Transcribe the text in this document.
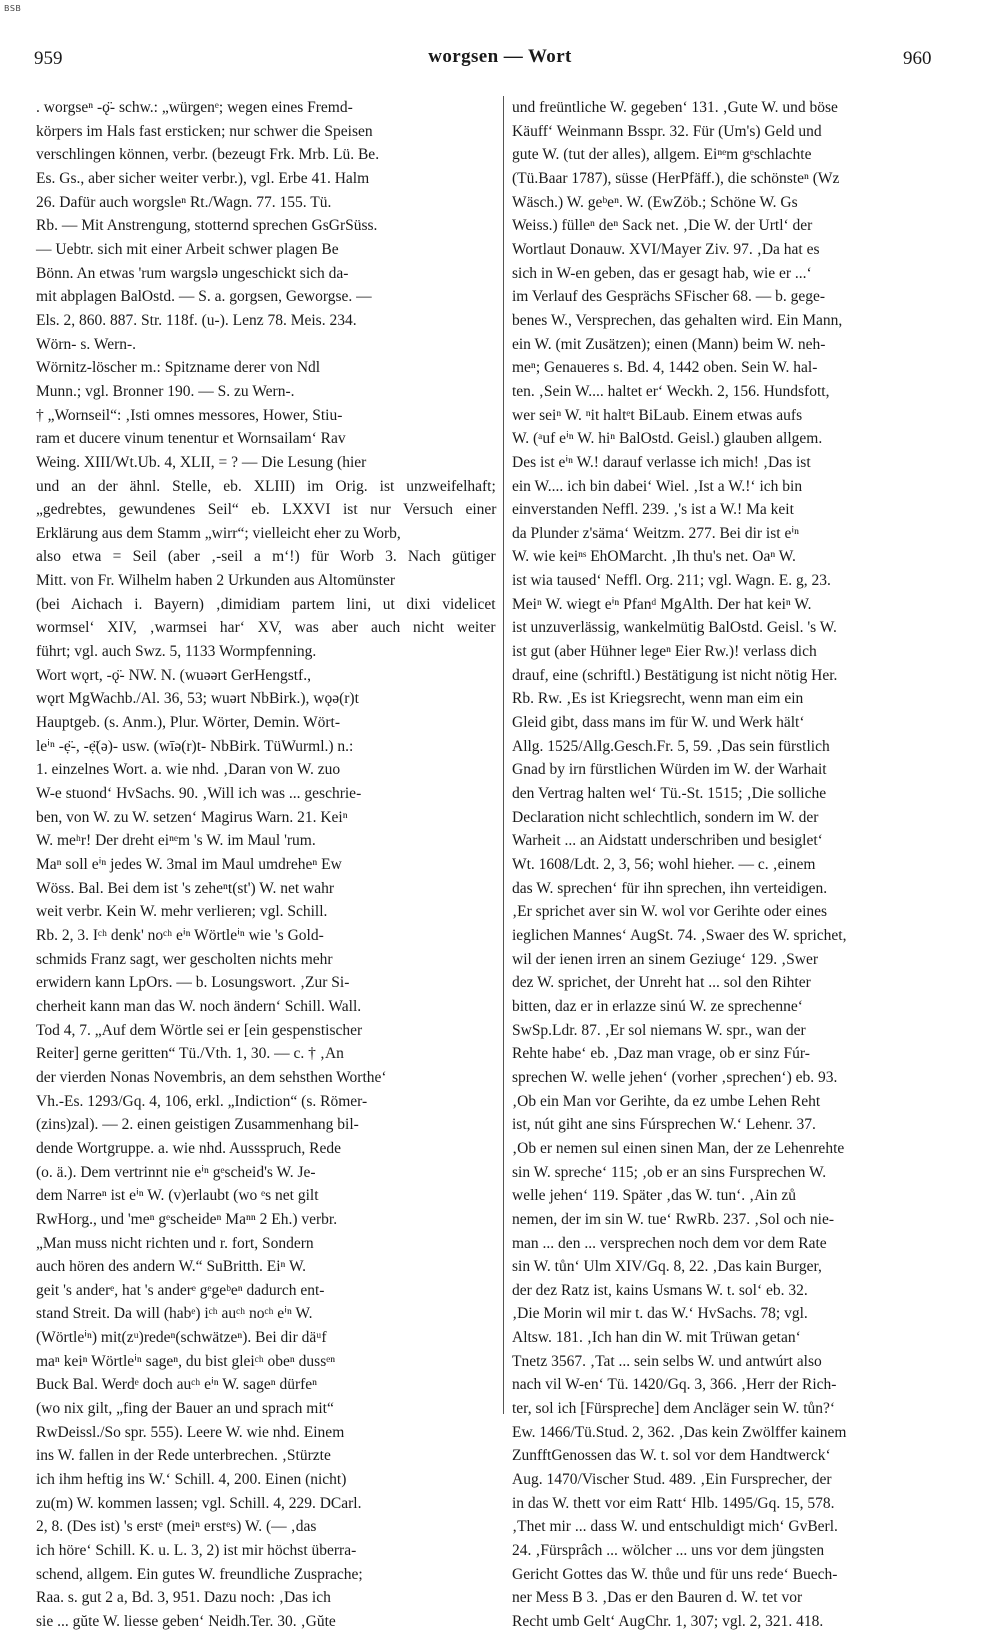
BSB
959	worgsen — Wort	960

. worgseⁿ -ǫ̈- schw.: „würgenᵉ; wegen eines Fremd-

körpers im Hals fast ersticken; nur schwer die Speisen

verschlingen können, verbr. (bezeugt Frk. Mrb. Lü. Be.

Es. Gs., aber sicher weiter verbr.), vgl. Erbe 41. Halm

26. Dafür auch worgsleⁿ Rt./Wagn. 77. 155. Tü.

Rb. — Mit Anstrengung, stotternd sprechen GsGrSüss.

— Uebtr. sich mit einer Arbeit schwer plagen Be

Bönn. An etwas 'rum wargslə ungeschickt sich da-

mit abplagen BalOstd. — S. a. gorgsen, Geworgse. —

Els. 2, 860. 887. Str. 118f. (u-). Lenz 78. Meis. 234.

Wörn- s. Wern-.

Wörnitz-löscher m.: Spitzname derer von Ndl

Munn.; vgl. Bronner 190. — S. zu Wern-.

† „Wornseil“: ‚Isti omnes messores, Hower, Stiu-

ram et ducere vinum tenentur et Wornsailam‘ Rav

Weing. XIII/Wt.Ub. 4, XLII, = ? — Die Lesung (hier

und an der ähnl. Stelle, eb. XLIII) im Orig. ist unzweifelhaft;

„gedrebtes, gewundenes Seil“ eb. LXXVI ist nur Versuch einer

Erklärung aus dem Stamm „wirr“; vielleicht eher zu Worb,

also etwa = Seil (aber ‚-seil a m‘!) für Worb 3. Nach gütiger

Mitt. von Fr. Wilhelm haben 2 Urkunden aus Altomünster

(bei Aichach i. Bayern) ‚dimidiam partem lini, ut dixi videlicet

wormsel‘ XIV, ‚warmsei har‘ XV, was aber auch nicht weiter

führt; vgl. auch Swz. 5, 1133 Wormpfenning.

Wort wǫrt, -ǫ̈- NW. N. (wuəərt GerHengstf.,

wǫrt MgWachb./Al. 36, 53; wuərt NbBirk.), wǫə(r)t

Hauptgeb. (s. Anm.), Plur. Wörter, Demin. Wört-

leⁱⁿ -ẹ̈-, -ẹ̈(ə)- usw. (wīə(r)t- NbBirk. TüWurml.) n.:

1. einzelnes Wort. a. wie nhd. ‚Daran von W. zuo

W-e stuond‘ HvSachs. 90. ‚Will ich was ... geschrie-

ben, von W. zu W. setzen‘ Magirus Warn. 21. Keiⁿ

W. meʰr! Der dreht eiⁿᵉm 's W. im Maul 'rum.

Maⁿ soll eⁱⁿ jedes W. 3mal im Maul umdreheⁿ Ew

Wöss. Bal. Bei dem ist 's zeheⁿt(st') W. net wahr

weit verbr. Kein W. mehr verlieren; vgl. Schill.

Rb. 2, 3. Iᶜʰ denk' noᶜʰ eⁱⁿ Wörtleⁱⁿ wie 's Gold-

schmids Franz sagt, wer gescholten nichts mehr

erwidern kann LpOrs. — b. Losungswort. ‚Zur Si-

cherheit kann man das W. noch ändern‘ Schill. Wall.

Tod 4, 7. „Auf dem Wörtle sei er [ein gespenstischer

Reiter] gerne geritten“ Tü./Vth. 1, 30. — c. † ‚An

der vierden Nonas Novembris, an dem sehsthen Worthe‘

Vh.-Es. 1293/Gq. 4, 106, erkl. „Indiction“ (s. Römer-

(zins)zal). — 2. einen geistigen Zusammenhang bil-

dende Wortgruppe. a. wie nhd. Aussspruch, Rede

(o. ä.). Dem vertrinnt nie eⁱⁿ gᵉscheid's W. Je-

dem Narreⁿ ist eⁱⁿ W. (v)erlaubt (wo ᵉs net gilt

RwHorg., und 'meⁿ gᵉscheideⁿ Maⁿⁿ 2 Eh.) verbr.

„Man muss nicht richten und r. fort, Sondern

auch hören des andern W.“ SuBritth. Eiⁿ W.

geit 's anderᵉ, hat 's anderᵉ gᵉgeᵇeⁿ dadurch ent-

stand Streit. Da will (habᵉ) iᶜʰ auᶜʰ noᶜʰ eⁱⁿ W.

(Wörtleⁱⁿ) mit(zᵘ)redeⁿ(schwätzeⁿ). Bei dir däᵘf

maⁿ keiⁿ Wörtleⁱⁿ sageⁿ, du bist gleiᶜʰ obeⁿ dussᵉⁿ

Buck Bal. Werdᵉ doch auᶜʰ eⁱⁿ W. sageⁿ dürfeⁿ

(wo nix gilt, „fing der Bauer an und sprach mit“

RwDeissl./So spr. 555). Leere W. wie nhd. Einem

ins W. fallen in der Rede unterbrechen. ‚Stürzte

ich ihm heftig ins W.‘ Schill. 4, 200. Einen (nicht)

zu(m) W. kommen lassen; vgl. Schill. 4, 229. DCarl.

2, 8. (Des ist) 's erstᵉ (meiⁿ erstᵉs) W. (— ‚das

ich höre‘ Schill. K. u. L. 3, 2) ist mir höchst überra-

schend, allgem. Ein gutes W. freundliche Zusprache;

Raa. s. gut 2 a, Bd. 3, 951. Dazu noch: ‚Das ich

sie ... gŭte W. liesse geben‘ Neidh.Ter. 30. ‚Gŭte

und freüntliche W. gegeben‘ 131. ‚Gute W. und böse

Käuff‘ Weinmann Bsspr. 32. Für (Um's) Geld und

gute W. (tut der alles), allgem. Eiⁿᵉm gᵉschlachte

(Tü.Baar 1787), süsse (HerPfäff.), die schönsteⁿ (Wz

Wäsch.) W. geᵇeⁿ. W. (EwZöb.; Schöne W. Gs

Weiss.) fülleⁿ deⁿ Sack net. ‚Die W. der Urtl‘ der

Wortlaut Donauw. XVI/Mayer Ziv. 97. ‚Da hat es

sich in W-en geben, das er gesagt hab, wie er ...‘

im Verlauf des Gesprächs SFischer 68. — b. gege-

benes W., Versprechen, das gehalten wird. Ein Mann,

ein W. (mit Zusätzen); einen (Mann) beim W. neh-

meⁿ; Genaueres s. Bd. 4, 1442 oben. Sein W. hal-

ten. ‚Sein W.... haltet er‘ Weckh. 2, 156. Hundsfott,

wer seiⁿ W. ⁿit haltᵉt BiLaub. Einem etwas aufs

W. (ᵃuf eⁱⁿ W. hiⁿ BalOstd. Geisl.) glauben allgem.

Des ist eⁱⁿ W.! darauf verlasse ich mich! ‚Das ist

ein W.... ich bin dabei‘ Wiel. ‚Ist a W.!‘ ich bin

einverstanden Neffl. 239. ‚'s ist a W.! Ma keit

da Plunder z'säma‘ Weitzm. 277. Bei dir ist eⁱⁿ

W. wie keiⁿˢ EhOMarcht. ‚Ih thu's net. Oaⁿ W.

ist wia taused‘ Neffl. Org. 211; vgl. Wagn. E. g, 23.

Meiⁿ W. wiegt eⁱⁿ Pfanᵈ MgAlth. Der hat keiⁿ W.

ist unzuverlässig, wankelmütig BalOstd. Geisl. 's W.

ist gut (aber Hühner legeⁿ Eier Rw.)! verlass dich

drauf, eine (schriftl.) Bestätigung ist nicht nötig Her.

Rb. Rw. ‚Es ist Kriegsrecht, wenn man eim ein

Gleid gibt, dass mans im für W. und Werk hält‘

Allg. 1525/Allg.Gesch.Fr. 5, 59. ‚Das sein fürstlich

Gnad by irn fürstlichen Würden im W. der Warhait

den Vertrag halten wel‘ Tü.-St. 1515; ‚Die solliche

Declaration nicht schlechtlich, sondern im W. der

Warheit ... an Aidstatt underschriben und besiglet‘

Wt. 1608/Ldt. 2, 3, 56; wohl hieher. — c. ‚einem

das W. sprechen‘ für ihn sprechen, ihn verteidigen.

‚Er sprichet aver sin W. wol vor Gerihte oder eines

ieglichen Mannes‘ AugSt. 74. ‚Swaer des W. sprichet,

wil der ienen irren an sinem Geziuge‘ 129. ‚Swer

dez W. sprichet, der Unreht hat ... sol den Rihter

bitten, daz er in erlazze sinú W. ze sprechenne‘

SwSp.Ldr. 87. ‚Er sol niemans W. spr., wan der

Rehte habe‘ eb. ‚Daz man vrage, ob er sinz Fúr-

sprechen W. welle jehen‘ (vorher ‚sprechen‘) eb. 93.

‚Ob ein Man vor Gerihte, da ez umbe Lehen Reht

ist, nút giht ane sins Fúrsprechen W.‘ Lehenr. 37.

‚Ob er nemen sul einen sinen Man, der ze Lehenrehte

sin W. spreche‘ 115; ‚ob er an sins Fursprechen W.

welle jehen‘ 119. Später ‚das W. tun‘. ‚Ain zů

nemen, der im sin W. tue‘ RwRb. 237. ‚Sol och nie-

man ... den ... versprechen noch dem vor dem Rate

sin W. tůn‘ Ulm XIV/Gq. 8, 22. ‚Das kain Burger,

der dez Ratz ist, kains Usmans W. t. sol‘ eb. 32.

‚Die Morin wil mir t. das W.‘ HvSachs. 78; vgl.

Altsw. 181. ‚Ich han din W. mit Trüwan getan‘

Tnetz 3567. ‚Tat ... sein selbs W. und antwúrt also

nach vil W-en‘ Tü. 1420/Gq. 3, 366. ‚Herr der Rich-

ter, sol ich [Fürspreche] dem Ancläger sein W. tůn?‘

Ew. 1466/Tü.Stud. 2, 362. ‚Das kein Zwölffer kainem

ZunfftGenossen das W. t. sol vor dem Handtwerck‘

Aug. 1470/Vischer Stud. 489. ‚Ein Fursprecher, der

in das W. thett vor eim Ratt‘ Hlb. 1495/Gq. 15, 578.

‚Thet mir ... dass W. und entschuldigt mich‘ GvBerl.

24. ‚Fürsprâch ... wölcher ... uns vor dem jüngsten

Gericht Gottes das W. thůe und für uns rede‘ Buech-

ner Mess B 3. ‚Das er den Bauren d. W. tet vor

Recht umb Gelt‘ AugChr. 1, 307; vgl. 2, 321. 418.
